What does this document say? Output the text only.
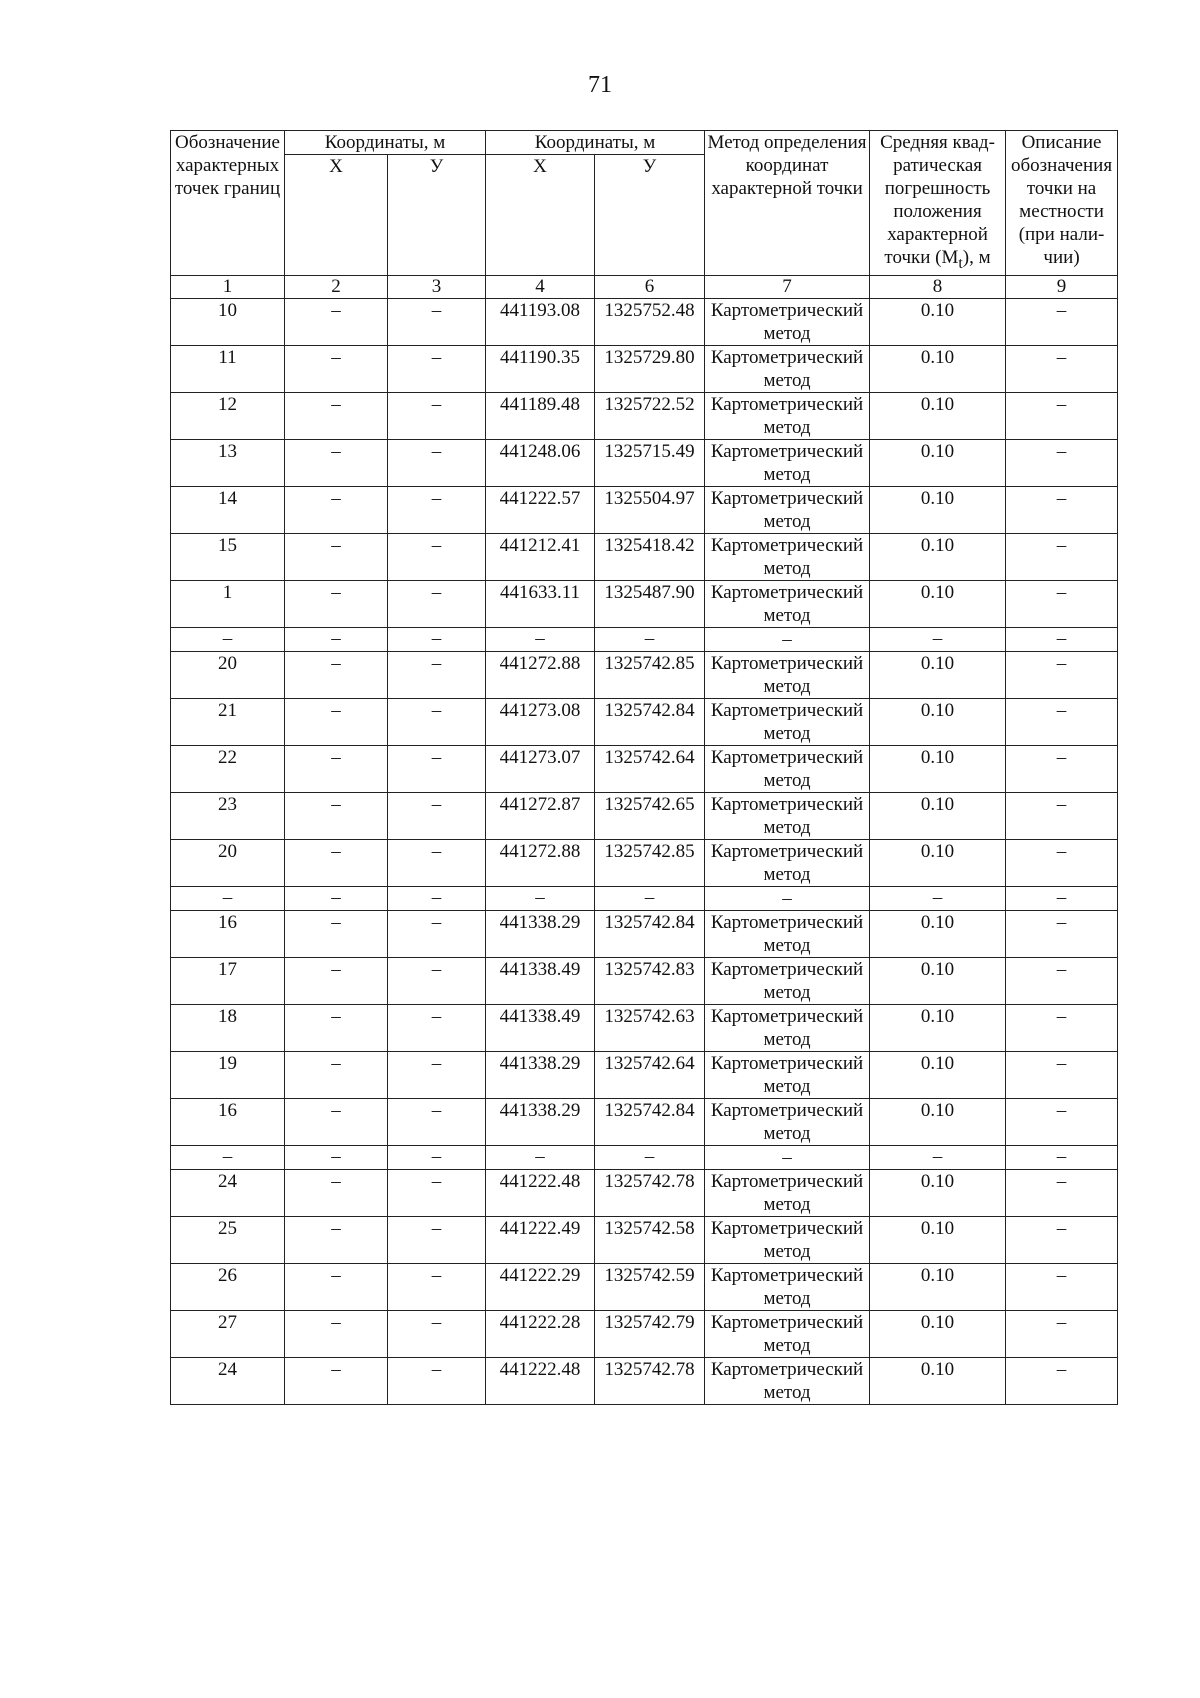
71
Обозначение характерных точек границ	Координаты, м		Координаты, м		Метод определения координат характерной точки	Средняя квад-ратическая погрешность положения характерной точки $(M_t)$, м	Описание обозначения точки на местности (при нали-чии)
	Х	У	Х	У			
1	2	3	4	6	7	8	9
10	–	–	441193.08	1325752.48	Картометрический метод	0.10	–
11	–	–	441190.35	1325729.80	Картометрический метод	0.10	–
12	–	–	441189.48	1325722.52	Картометрический метод	0.10	–
13	–	–	441248.06	1325715.49	Картометрический метод	0.10	–
14	–	–	441222.57	1325504.97	Картометрический метод	0.10	–
15	–	–	441212.41	1325418.42	Картометрический метод	0.10	–
1	–	–	441633.11	1325487.90	Картометрический метод	0.10	–
–	–	–	–	–	–	–	–
20	–	–	441272.88	1325742.85	Картометрический метод	0.10	–
21	–	–	441273.08	1325742.84	Картометрический метод	0.10	–
22	–	–	441273.07	1325742.64	Картометрический метод	0.10	–
23	–	–	441272.87	1325742.65	Картометрический метод	0.10	–
20	–	–	441272.88	1325742.85	Картометрический метод	0.10	–
–	–	–	–	–	–	–	–
16	–	–	441338.29	1325742.84	Картометрический метод	0.10	–
17	–	–	441338.49	1325742.83	Картометрический метод	0.10	–
18	–	–	441338.49	1325742.63	Картометрический метод	0.10	–
19	–	–	441338.29	1325742.64	Картометрический метод	0.10	–
16	–	–	441338.29	1325742.84	Картометрический метод	0.10	–
–	–	–	–	–	–	–	–
24	–	–	441222.48	1325742.78	Картометрический метод	0.10	–
25	–	–	441222.49	1325742.58	Картометрический метод	0.10	–
26	–	–	441222.29	1325742.59	Картометрический метод	0.10	–
27	–	–	441222.28	1325742.79	Картометрический метод	0.10	–
24	–	–	441222.48	1325742.78	Картометрический метод	0.10	–
